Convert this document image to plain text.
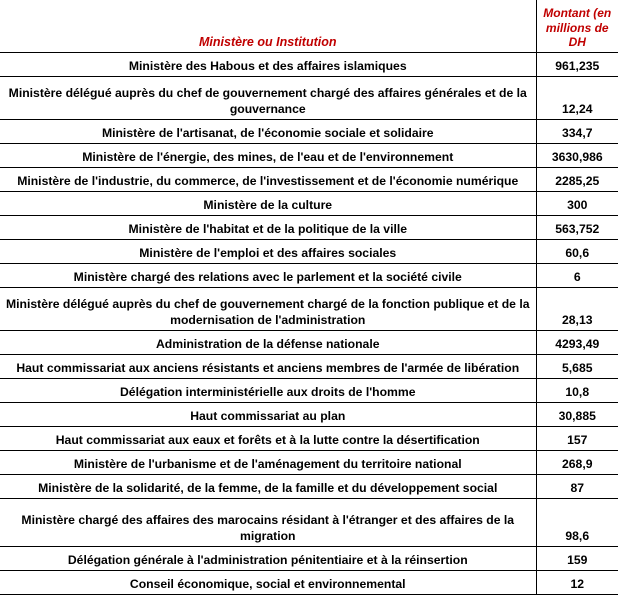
Ministère ou Institution	Montant (en millions de DH
Ministère des Habous et des affaires islamiques	961,235
Ministère délégué auprès du chef de gouvernement chargé des affaires générales et de la gouvernance	12,24
Ministère de l'artisanat, de l'économie sociale et solidaire	334,7
Ministère de l'énergie, des mines, de l'eau et de l'environnement	3630,986
Ministère de l'industrie, du commerce, de l'investissement et de l'économie numérique	2285,25
Ministère de la culture	300
Ministère de l'habitat et de la politique de la ville	563,752
Ministère de l'emploi et des affaires sociales	60,6
Ministère chargé des relations avec le parlement et la société civile	6
Ministère délégué auprès du chef de gouvernement chargé de la fonction publique et de la modernisation de l'administration	28,13
Administration de la défense nationale	4293,49
Haut commissariat aux anciens résistants et anciens membres de l'armée de libération	5,685
Délégation interministérielle aux droits de l'homme	10,8
Haut commissariat au plan	30,885
Haut commissariat aux eaux et forêts et à la lutte contre la désertification	157
Ministère de l'urbanisme et de l'aménagement du territoire national	268,9
Ministère de la solidarité, de la femme, de la famille et du développement social	87
Ministère chargé des affaires des marocains résidant à l'étranger et des affaires de la migration	98,6
Délégation générale à l'administration pénitentiaire et à la réinsertion	159
Conseil économique, social et environnemental	12
